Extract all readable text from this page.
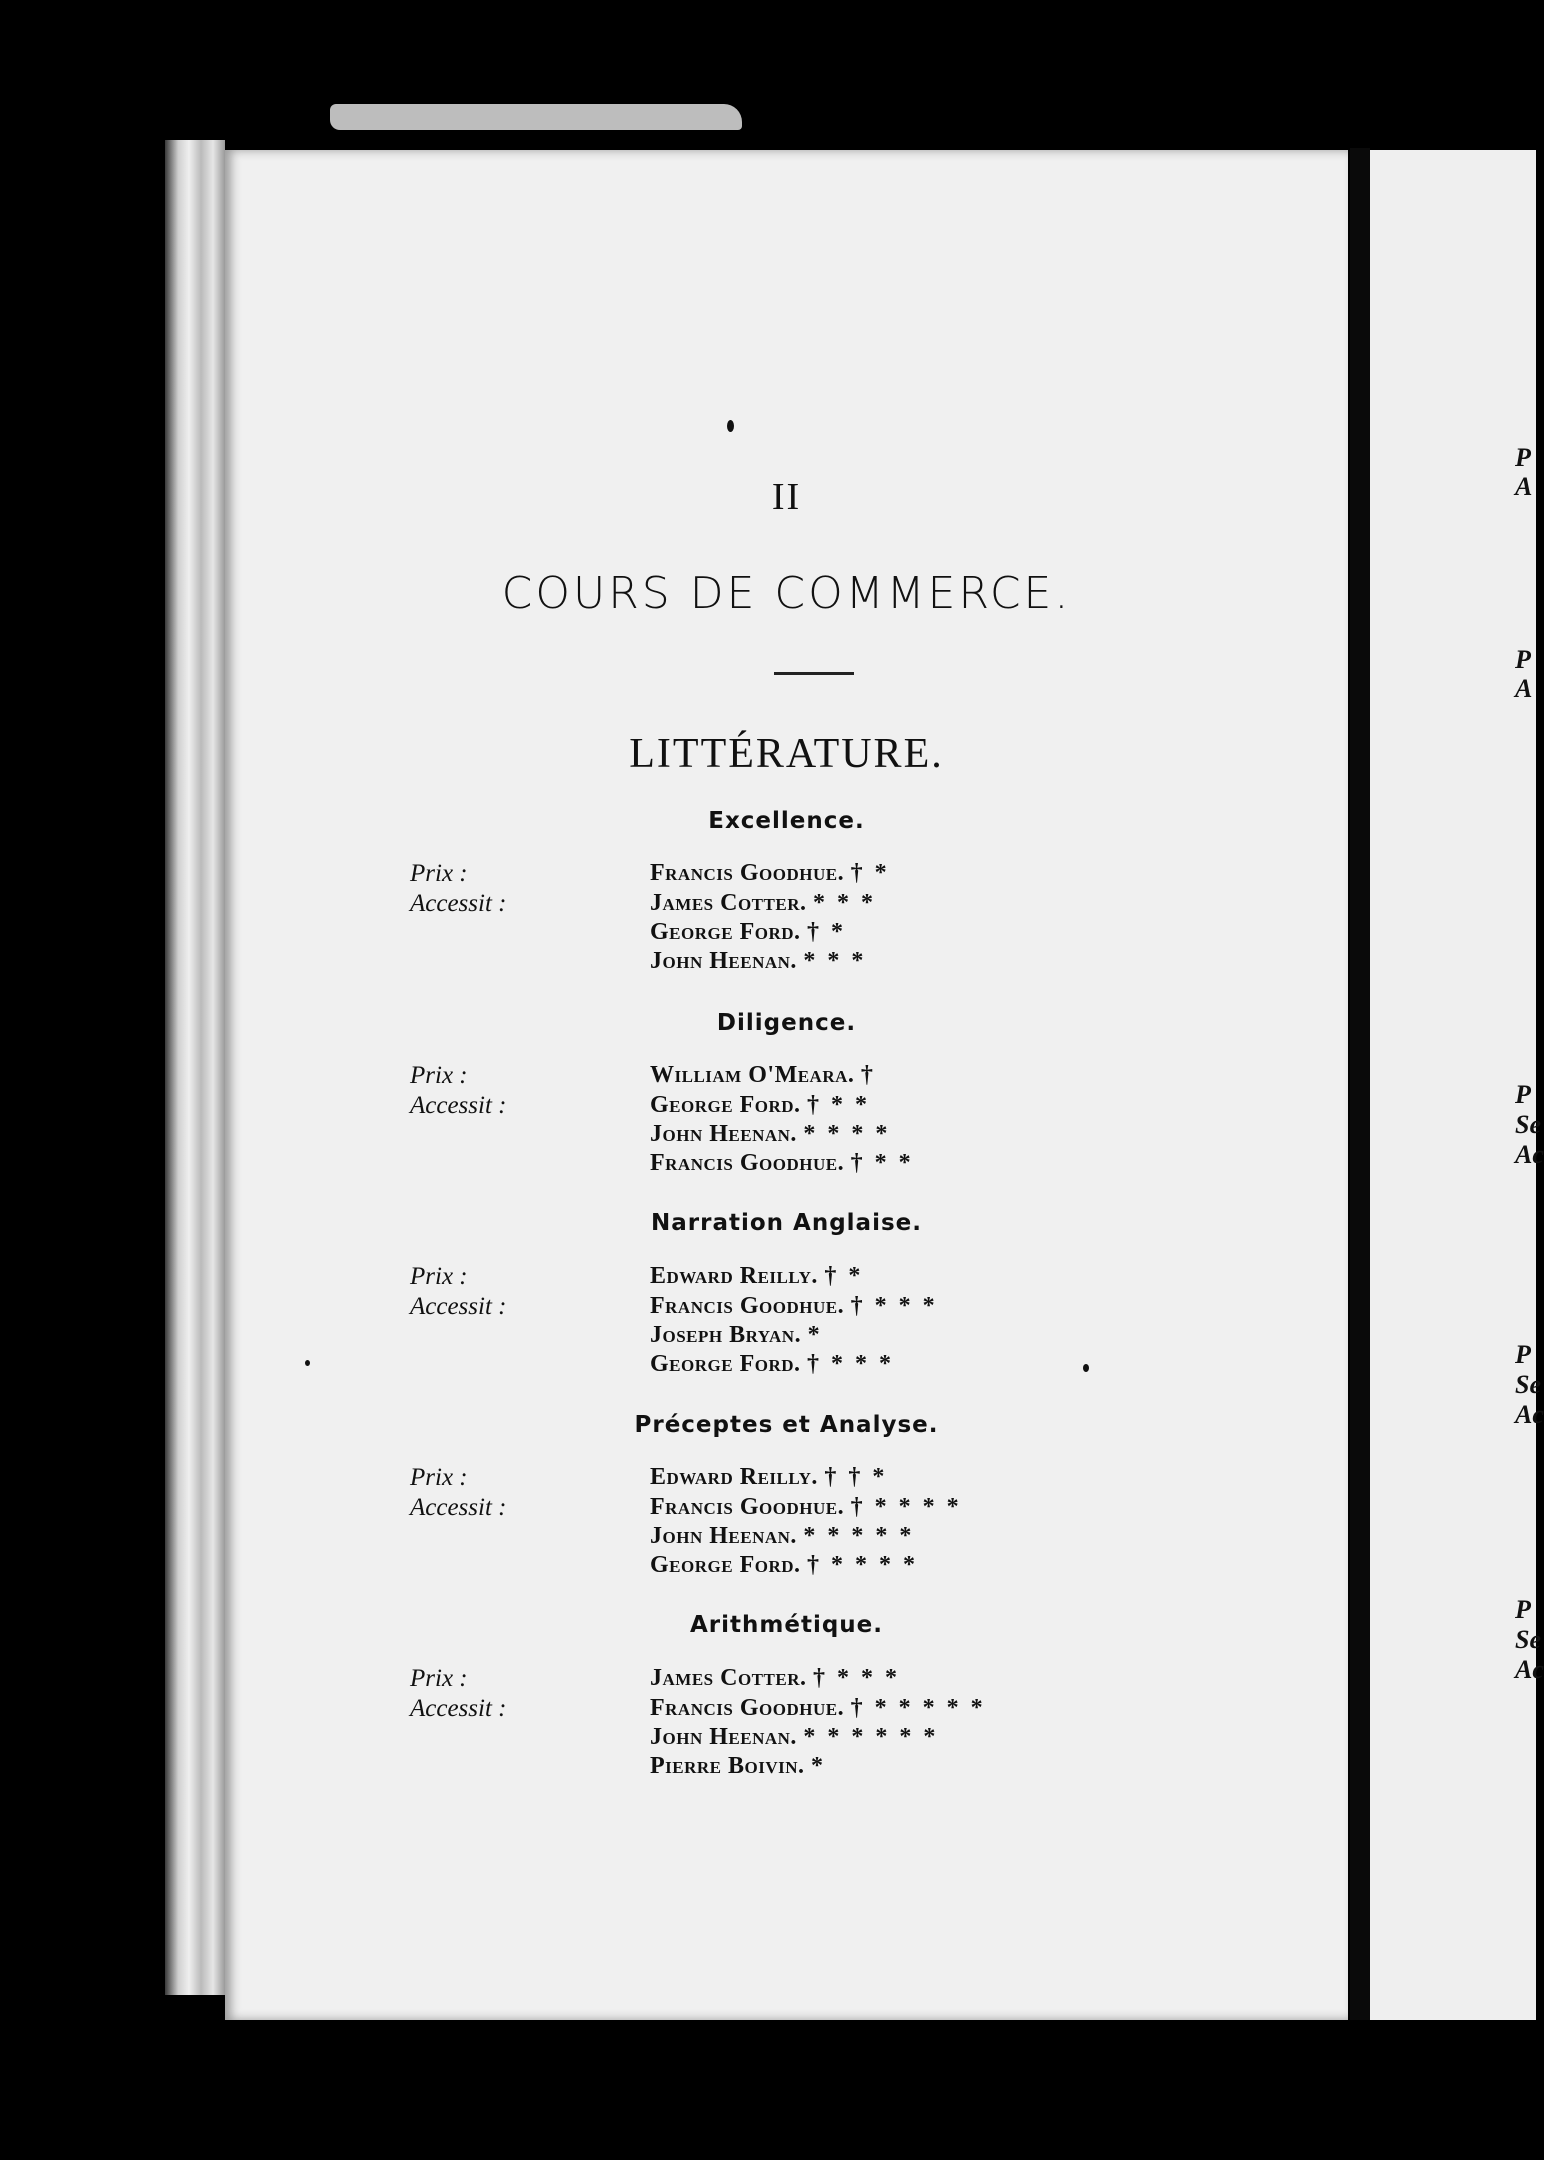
P
A
P
A
P
Se
Ac
P
Se
Ac
P
Se
Ac
II
COURS DE COMMERCE.
LITTÉRATURE.
Excellence.
Prix :
Accessit :
Francis Goodhue. † *
James Cotter. * * *
George Ford. † *
John Heenan. * * *
Diligence.
Prix :
Accessit :
William O'Meara. †
George Ford. † * *
John Heenan. * * * *
Francis Goodhue. † * *
Narration Anglaise.
Prix :
Accessit :
Edward Reilly. † *
Francis Goodhue. † * * *
Joseph Bryan. *
George Ford. † * * *
Préceptes et Analyse.
Prix :
Accessit :
Edward Reilly. † † *
Francis Goodhue. † * * * *
John Heenan. * * * * *
George Ford. † * * * *
Arithmétique.
Prix :
Accessit :
James Cotter. † * * *
Francis Goodhue. † * * * * *
John Heenan. * * * * * *
Pierre Boivin. *
